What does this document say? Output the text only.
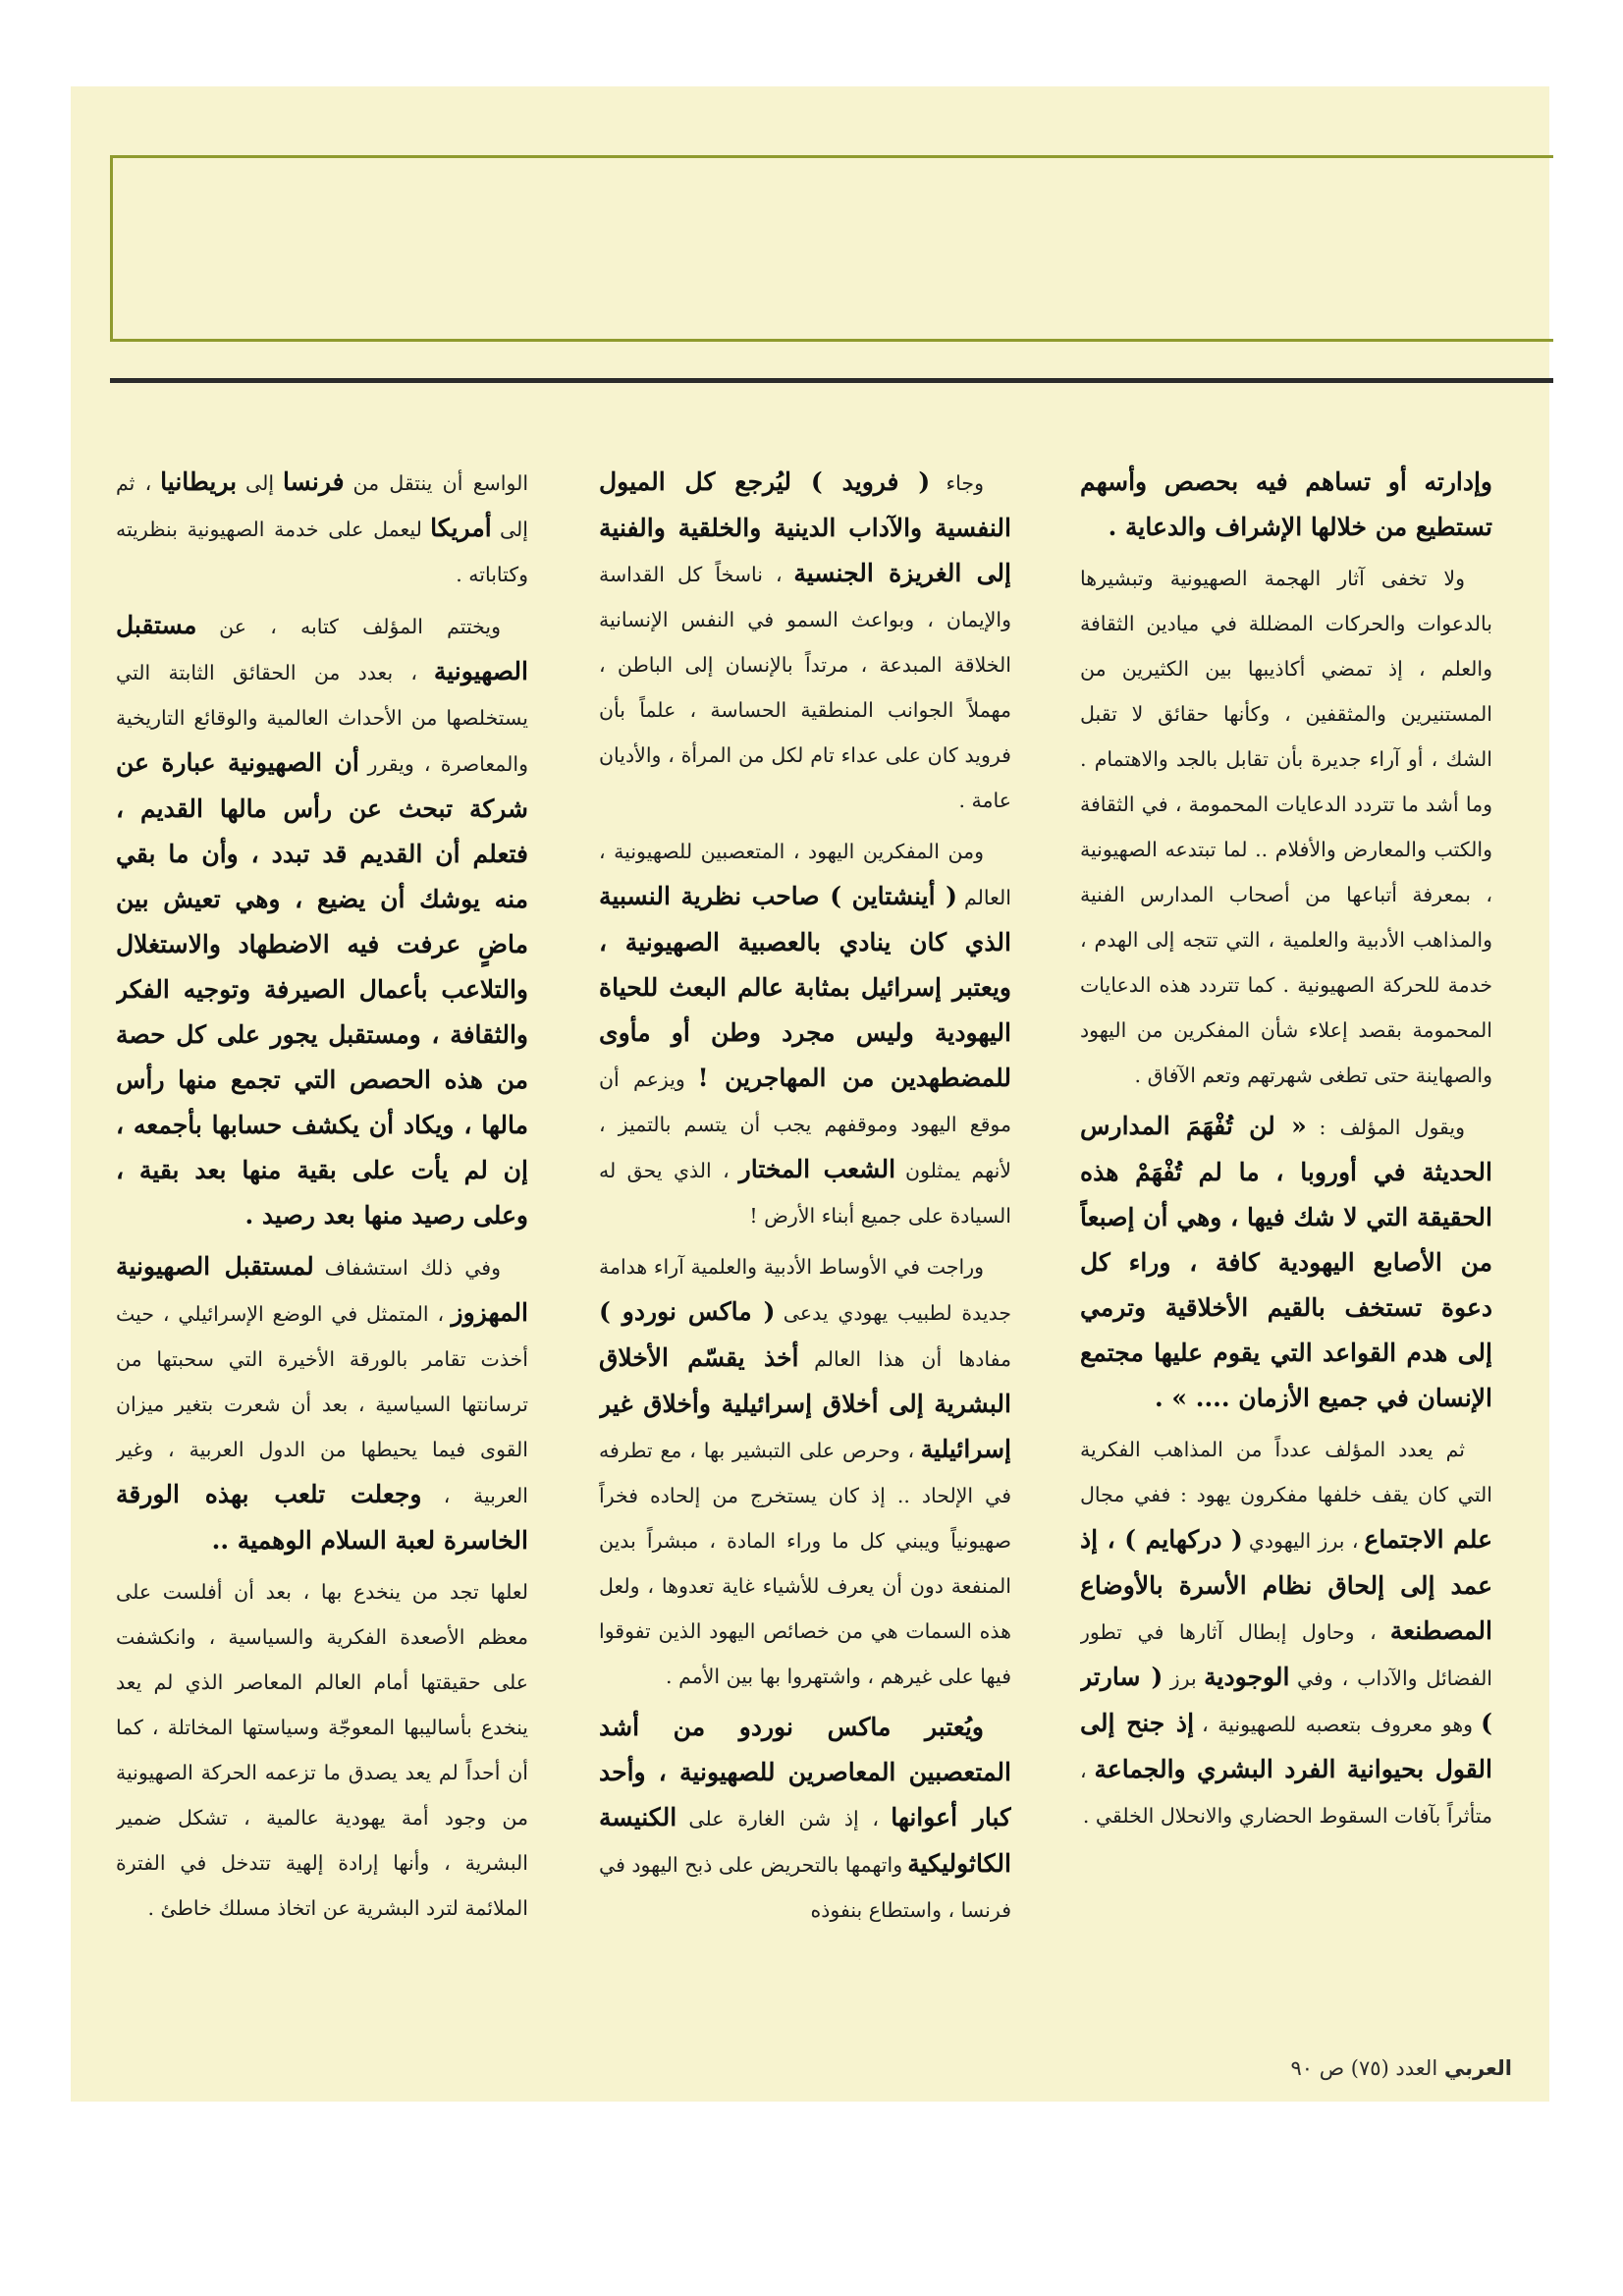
وإدارته أو تساهم فيه بحصص وأسهم تستطيع من خلالها الإشراف والدعاية .

ولا تخفى آثار الهجمة الصهيونية وتبشيرها بالدعوات والحركات المضللة في ميادين الثقافة والعلم ، إذ تمضي أكاذيبها بين الكثيرين من المستنيرين والمثقفين ، وكأنها حقائق لا تقبل الشك ، أو آراء جديرة بأن تقابل بالجد والاهتمام . وما أشد ما تتردد الدعايات المحمومة ، في الثقافة والكتب والمعارض والأفلام .. لما تبتدعه الصهيونية ، بمعرفة أتباعها من أصحاب المدارس الفنية والمذاهب الأدبية والعلمية ، التي تتجه إلى الهدم ، خدمة للحركة الصهيونية . كما تتردد هذه الدعايات المحمومة بقصد إعلاء شأن المفكرين من اليهود والصهاينة حتى تطغى شهرتهم وتعم الآفاق .

ويقول المؤلف : « لن تُفْهَمَ المدارس الحديثة في أوروبا ، ما لم تُفْهَمْ هذه الحقيقة التي لا شك فيها ، وهي أن إصبعاً من الأصابع اليهودية كافة ، وراء كل دعوة تستخف بالقيم الأخلاقية وترمي إلى هدم القواعد التي يقوم عليها مجتمع الإنسان في جميع الأزمان .... » .

ثم يعدد المؤلف عدداً من المذاهب الفكرية التي كان يقف خلفها مفكرون يهود : ففي مجال علم الاجتماع ، برز اليهودي ( دركهايم ) ، إذ عمد إلى إلحاق نظام الأسرة بالأوضاع المصطنعة ، وحاول إبطال آثارها في تطور الفضائل والآداب ، وفي الوجودية برز ( سارتر ) وهو معروف بتعصبه للصهيونية ، إذ جنح إلى القول بحيوانية الفرد البشري والجماعة ، متأثراً بآفات السقوط الحضاري والانحلال الخلقي .

وجاء ( فرويد ) ليُرجع كل الميول النفسية والآداب الدينية والخلقية والفنية إلى الغريزة الجنسية ، ناسخاً كل القداسة والإيمان ، وبواعث السمو في النفس الإنسانية الخلاقة المبدعة ، مرتداً بالإنسان إلى الباطن ، مهملاً الجوانب المنطقية الحساسة ، علماً بأن فرويد كان على عداء تام لكل من المرأة ، والأديان عامة .

ومن المفكرين اليهود ، المتعصبين للصهيونية ، العالم ( أينشتاين ) صاحب نظرية النسبية الذي كان ينادي بالعصبية الصهيونية ، ويعتبر إسرائيل بمثابة عالم البعث للحياة اليهودية وليس مجرد وطن أو مأوى للمضطهدين من المهاجرين ! ويزعم أن موقع اليهود وموقفهم يجب أن يتسم بالتميز ، لأنهم يمثلون الشعب المختار ، الذي يحق له السيادة على جميع أبناء الأرض !

وراجت في الأوساط الأدبية والعلمية آراء هدامة جديدة لطبيب يهودي يدعى ( ماكس نوردو ) مفادها أن هذا العالم أخذ يقسّم الأخلاق البشرية إلى أخلاق إسرائيلية وأخلاق غير إسرائيلية ، وحرص على التبشير بها ، مع تطرفه في الإلحاد .. إذ كان يستخرج من إلحاده فخراً صهيونياً ويبني كل ما وراء المادة ، مبشراً بدين المنفعة دون أن يعرف للأشياء غاية تعدوها ، ولعل هذه السمات هي من خصائص اليهود الذين تفوقوا فيها على غيرهم ، واشتهروا بها بين الأمم .

ويُعتبر ماكس نوردو من أشد المتعصبين المعاصرين للصهيونية ، وأحد كبار أعوانها ، إذ شن الغارة على الكنيسة الكاثوليكية واتهمها بالتحريض على ذبح اليهود في فرنسا ، واستطاع بنفوذه

الواسع أن ينتقل من فرنسا إلى بريطانيا ، ثم إلى أمريكا ليعمل على خدمة الصهيونية بنظريته وكتاباته .

ويختتم المؤلف كتابه ، عن مستقبل الصهيونية ، بعدد من الحقائق الثابتة التي يستخلصها من الأحداث العالمية والوقائع التاريخية والمعاصرة ، ويقرر أن الصهيونية عبارة عن شركة تبحث عن رأس مالها القديم ، فتعلم أن القديم قد تبدد ، وأن ما بقي منه يوشك أن يضيع ، وهي تعيش بين ماضٍ عرفت فيه الاضطهاد والاستغلال والتلاعب بأعمال الصيرفة وتوجيه الفكر والثقافة ، ومستقبل يجور على كل حصة من هذه الحصص التي تجمع منها رأس مالها ، ويكاد أن يكشف حسابها بأجمعه ، إن لم يأت على بقية منها بعد بقية ، وعلى رصيد منها بعد رصيد .

وفي ذلك استشفاف لمستقبل الصهيونية المهزوز ، المتمثل في الوضع الإسرائيلي ، حيث أخذت تقامر بالورقة الأخيرة التي سحبتها من ترسانتها السياسية ، بعد أن شعرت بتغير ميزان القوى فيما يحيطها من الدول العربية ، وغير العربية ، وجعلت تلعب بهذه الورقة الخاسرة لعبة السلام الوهمية ..

لعلها تجد من ينخدع بها ، بعد أن أفلست على معظم الأصعدة الفكرية والسياسية ، وانكشفت على حقيقتها أمام العالم المعاصر الذي لم يعد ينخدع بأساليبها المعوجّة وسياستها المخاتلة ، كما أن أحداً لم يعد يصدق ما تزعمه الحركة الصهيونية من وجود أمة يهودية عالمية ، تشكل ضمير البشرية ، وأنها إرادة إلهية تتدخل في الفترة الملائمة لترد البشرية عن اتخاذ مسلك خاطئ .

العربي العدد (٧٥) ص ٩٠
